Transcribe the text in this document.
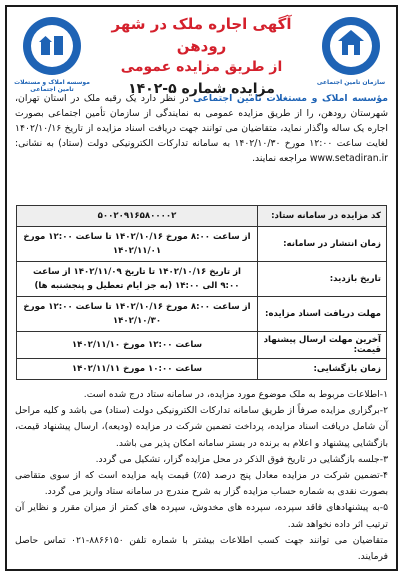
سازمان تامین اجتماعی
موسسه املاک و مستغلات تامین اجتماعی
آگهی اجاره ملک در شهر رودهن
از طریق مزایده عمومی
مزایده شماره ۵-۱۴۰۲
مؤسسه املاک و مستغلات تامین اجتماعی در نظر دارد یک رقبه ملک در استان تهران، شهرستان رودهن، را از طریق مزایده عمومی به نمایندگی از سازمان تأمین اجتماعی بصورت اجاره یک ساله واگذار نماید، متقاضیان می توانند جهت دریافت اسناد مزایده از تاریخ ۱۴۰۲/۱۰/۱۶ لغایت ساعت ۱۲:۰۰ مورخ ۱۴۰۲/۱۰/۳۰ به سامانه تدارکات الکترونیکی دولت (ستاد) به نشانی: www.setadiran.ir مراجعه نمایند.
کد مزایده در سامانه ستاد:
۵۰۰۲۰۹۱۶۵۸۰۰۰۰۲
زمان انتشار در سامانه:
از ساعت ۸:۰۰ مورخ ۱۴۰۲/۱۰/۱۶ تا ساعت ۱۲:۰۰ مورخ ۱۴۰۲/۱۱/۰۱
تاریخ بازدید:
از تاریخ ۱۴۰۲/۱۰/۱۶ تا تاریخ ۱۴۰۲/۱۱/۰۹ از ساعت ۹:۰۰ الی ۱۴:۰۰ (به جز ایام تعطیل و پنجشنبه ها)
مهلت دریافت اسناد مزایده:
از ساعت ۸:۰۰ مورخ ۱۴۰۲/۱۰/۱۶ تا ساعت ۱۲:۰۰ مورخ ۱۴۰۲/۱۰/۳۰
آخرین مهلت ارسال پیشنهاد قیمت:
ساعت ۱۲:۰۰ مورخ ۱۴۰۲/۱۱/۱۰
زمان بازگشایی:
ساعت ۱۰:۰۰ مورخ ۱۴۰۲/۱۱/۱۱

۱-اطلاعات مربوط به ملک موضوع مورد مزایده، در سامانه ستاد درج شده است.

۲-برگزاری مزایده صرفاً از طریق سامانه تدارکات الکترونیکی دولت (ستاد) می باشد و کلیه مراحل آن شامل دریافت اسناد مزایده، پرداخت تضمین شرکت در مزایده (ودیعه)، ارسال پیشنهاد قیمت، بازگشایی پیشنهاد و اعلام به برنده در بستر سامانه امکان پذیر می باشد.

۳-جلسه بازگشایی در تاریخ فوق الذکر در محل مزایده گزار، تشکیل می گردد.

۴-تضمین شرکت در مزایده معادل پنج درصد (۵٪) قیمت پایه مزایده است که از سوی متقاضی بصورت نقدی به شماره حساب مزایده گزار به شرح مندرج در سامانه ستاد واریز می گردد.

۵-به پیشنهادهای فاقد سپرده، سپرده های مخدوش، سپرده های کمتر از میزان مقرر و نظایر آن ترتیب اثر داده نخواهد شد.

متقاضیان می توانند جهت کسب اطلاعات بیشتر با شماره تلفن ۸۸۶۶۱۵۰-۰۲۱ تماس حاصل فرمایند.
